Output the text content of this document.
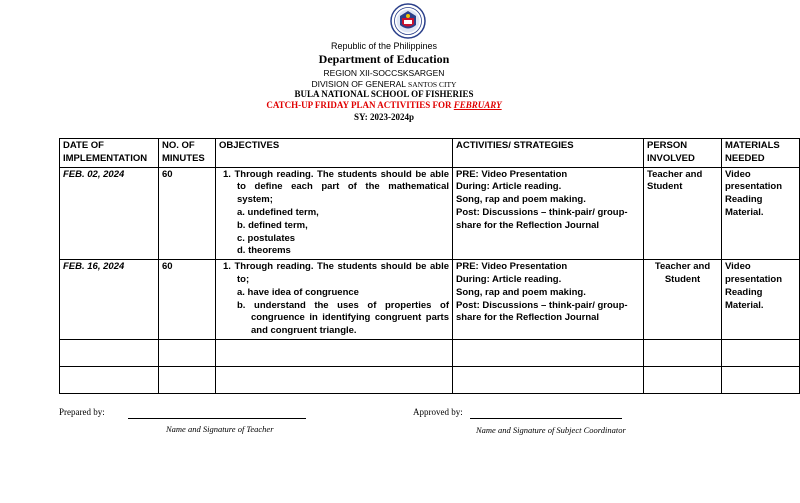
Republic of the Philippines
Department of Education
REGION XII-SOCCSKSARGEN
DIVISION OF GENERAL SANTOS CITY
BULA NATIONAL SCHOOL OF FISHERIES
CATCH-UP FRIDAY PLAN ACTIVITIES FOR FEBRUARY
SY: 2023-2024p
DATE OF IMPLEMENTATION	NO. OF MINUTES	OBJECTIVES	ACTIVITIES/ STRATEGIES	PERSON INVOLVED	MATERIALS NEEDED
FEB. 02, 2024	60	1. Through reading. The students should be able to define each part of the mathematical system;
a. undefined term,
b. defined term,
c. postulates
d. theorems	PRE: Video Presentation
During: Article reading.
Song, rap and poem making.
Post: Discussions – think-pair/ group-share for the Reflection Journal	Teacher and Student	Video
presentation
Reading
Material.

FEB. 16, 2024	60	1. Through reading. The students should be able to;
a. have idea of congruence
b. understand the uses of properties of congruence in identifying congruent parts and congruent triangle.	PRE: Video Presentation
During: Article reading.
Song, rap and poem making.
Post: Discussions – think-pair/ group-share for the Reflection Journal	Teacher and Student	Video
presentation
Reading
Material.

Prepared by:
Name and Signature of Teacher
Approved by:
Name and Signature of Subject Coordinator
